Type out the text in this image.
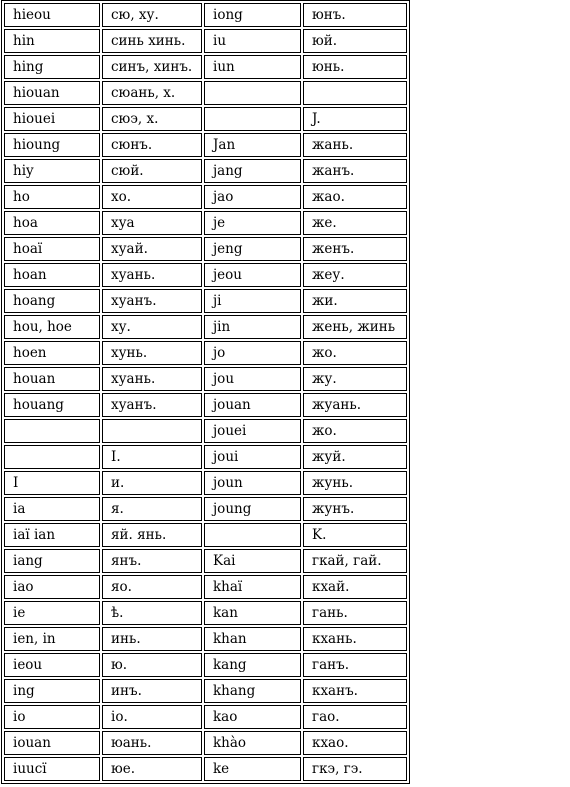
hieou	сю, ху.	iong	юнъ.
hin	синь хинь.	iu	юй.
hing	синъ, хинъ.	iun	юнь.
hiouan	сюань, х.		
hiouei	сюэ, х.		J.
hioung	сюнъ.	Jan	жань.
hiy	сюй.	jang	жанъ.
ho	хо.	jao	жао.
hoa	хуа	je	же.
hoaï	хуай.	jeng	женъ.
hoan	хуань.	jeou	жеу.
hoang	хуанъ.	ji	жи.
hou, hoe	ху.	jin	жень, жинь
hoen	хунь.	jo	жо.
houan	хуань.	jou	жу.
houang	хуанъ.	jouan	жуань.
		jouei	жо.
	I.	joui	жуй.
I	и.	joun	жунь.
ia	я.	joung	жунъ.
iaï ian	яй. янь.		K.
iang	янъ.	Kai	гкай, гай.
iao	яо.	khaï	кхай.
ie	ѣ.	kan	гань.
ien, in	инь.	khan	кхань.
ieou	ю.	kang	ганъ.
ing	инъ.	khang	кханъ.
io	iо.	kao	гао.
iouan	юань.	khào	кхао.
iuucï	юе.	ke	гкэ, гэ.
